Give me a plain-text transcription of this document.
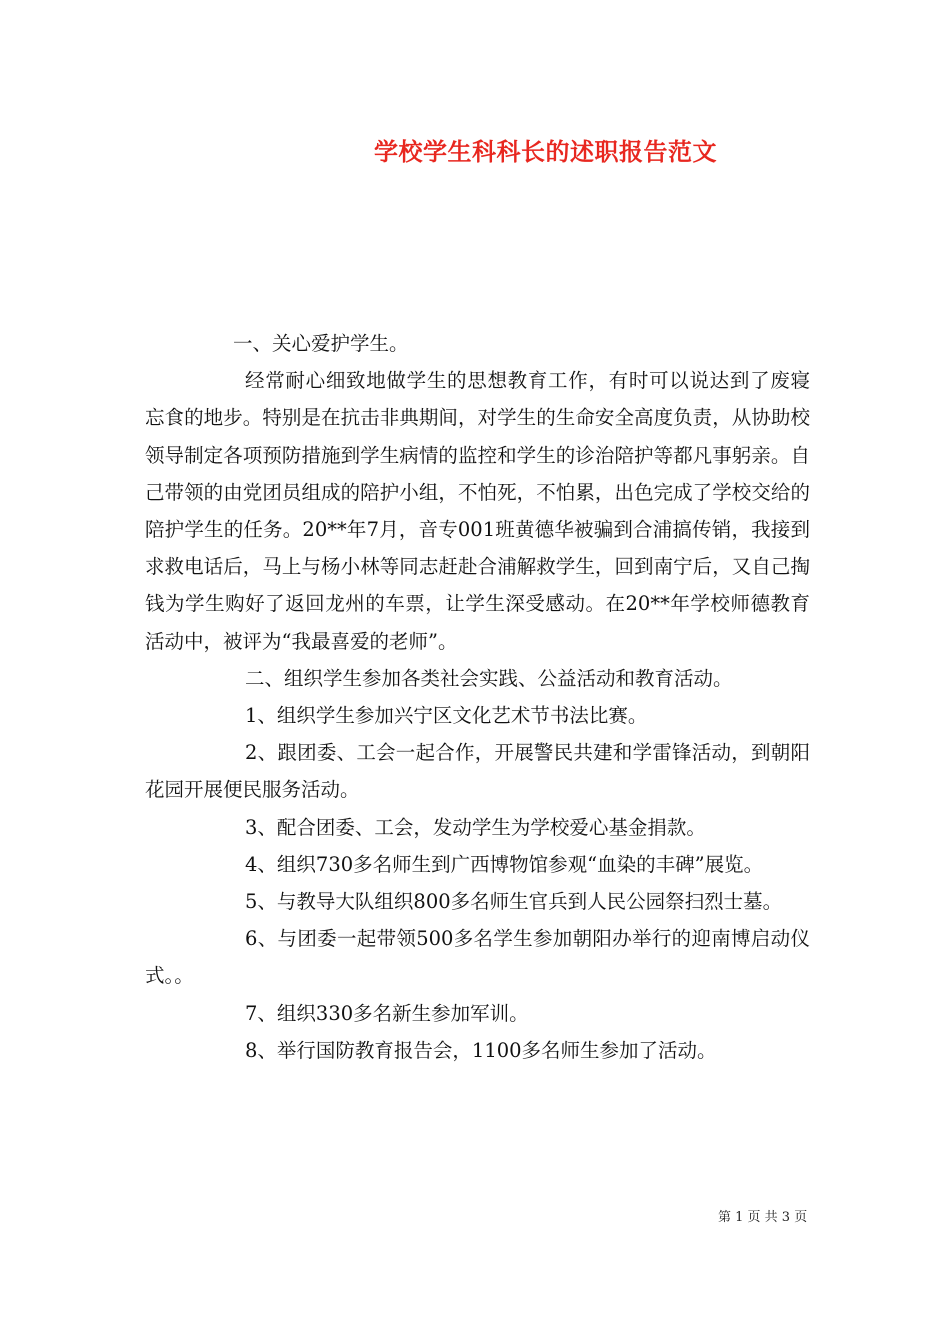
学校学生科科长的述职报告范文

一、关心爱护学生。

经常耐心细致地做学生的思想教育工作，有时可以说达到了废寝忘食的地步。特别是在抗击非典期间，对学生的生命安全高度负责，从协助校领导制定各项预防措施到学生病情的监控和学生的诊治陪护等都凡事躬亲。自己带领的由党团员组成的陪护小组，不怕死，不怕累，出色完成了学校交给的陪护学生的任务。20**年7月，音专001班黄德华被骗到合浦搞传销，我接到求救电话后，马上与杨小林等同志赶赴合浦解救学生，回到南宁后，又自己掏钱为学生购好了返回龙州的车票，让学生深受感动。在20**年学校师德教育活动中，被评为“我最喜爱的老师”。

二、组织学生参加各类社会实践、公益活动和教育活动。

1、组织学生参加兴宁区文化艺术节书法比赛。

2、跟团委、工会一起合作，开展警民共建和学雷锋活动，到朝阳花园开展便民服务活动。

3、配合团委、工会，发动学生为学校爱心基金捐款。

4、组织730多名师生到广西博物馆参观“血染的丰碑”展览。

5、与教导大队组织800多名师生官兵到人民公园祭扫烈士墓。

6、与团委一起带领500多名学生参加朝阳办举行的迎南博启动仪式。。

7、组织330多名新生参加军训。

8、举行国防教育报告会，1100多名师生参加了活动。

第 1 页 共 3 页
